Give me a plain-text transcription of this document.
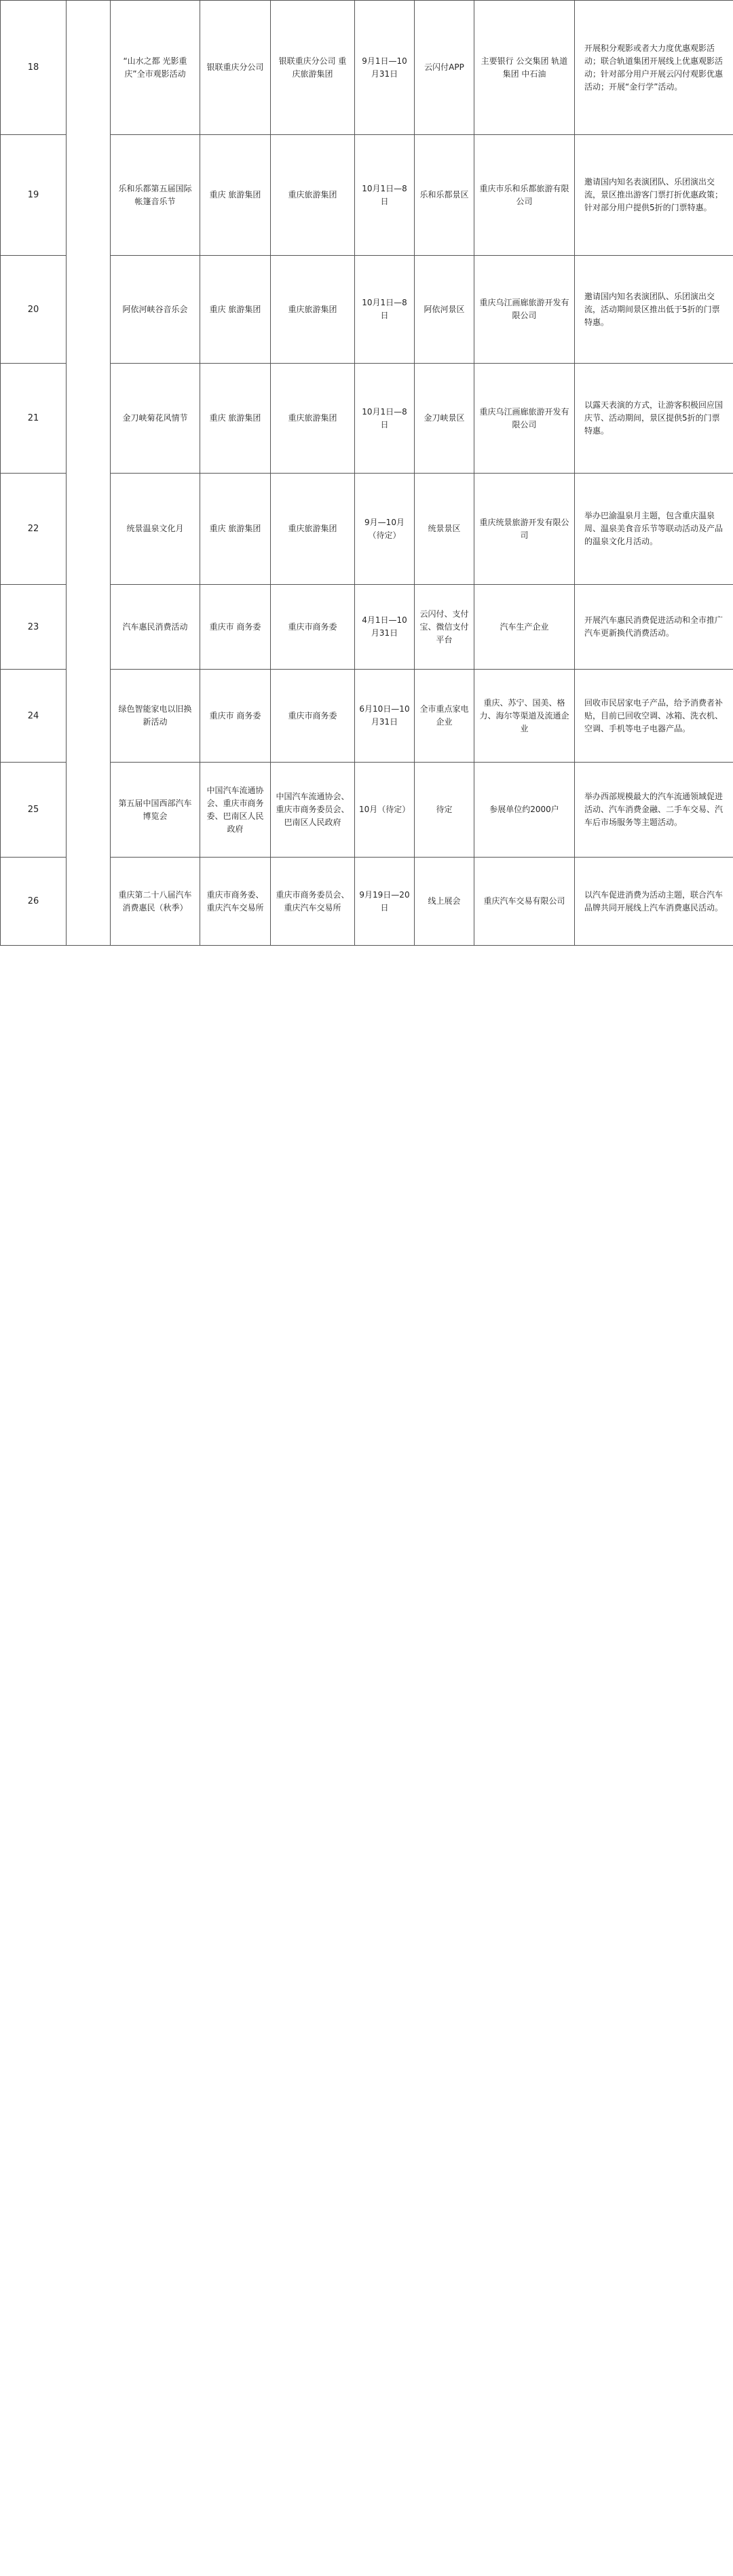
18		“山水之都 光影重庆”全市观影活动	银联重庆分公司	银联重庆分公司 重庆旅游集团	9月1日—10月31日	云闪付APP	主要银行 公交集团 轨道集团 中石油	开展积分观影或者大力度优惠观影活动；联合轨道集团开展线上优惠观影活动；针对部分用户开展云闪付观影优惠活动；开展“金行学”活动。
19		乐和乐都第五届国际帐篷音乐节	重庆 旅游集团	重庆旅游集团	10月1日—8日	乐和乐都景区	重庆市乐和乐都旅游有限公司	邀请国内知名表演团队、乐团演出交流，景区推出游客门票打折优惠政策；针对部分用户提供5折的门票特惠。
20		阿依河峡谷音乐会	重庆 旅游集团	重庆旅游集团	10月1日—8日	阿依河景区	重庆乌江画廊旅游开发有限公司	邀请国内知名表演团队、乐团演出交流，活动期间景区推出低于5折的门票特惠。
21		金刀峡菊花风情节	重庆 旅游集团	重庆旅游集团	10月1日—8日	金刀峡景区	重庆乌江画廊旅游开发有限公司	以露天表演的方式，让游客积极回应国庆节、活动期间，景区提供5折的门票特惠。
22		统景温泉文化月	重庆 旅游集团	重庆旅游集团	9月—10月（待定）	统景景区	重庆统景旅游开发有限公司	举办巴渝温泉月主题，包含重庆温泉周、温泉美食音乐节等联动活动及产品的温泉文化月活动。
23		汽车惠民消费活动	重庆市 商务委	重庆市商务委	4月1日—10月31日	云闪付、支付宝、微信支付平台	汽车生产企业	开展汽车惠民消费促进活动和全市推广汽车更新换代消费活动。
24		绿色智能家电以旧换新活动	重庆市 商务委	重庆市商务委	6月10日—10月31日	全市重点家电企业	重庆、苏宁、国美、格力、海尔等渠道及流通企业	回收市民居家电子产品，给予消费者补贴，目前已回收空调、冰箱、洗衣机、空调、手机等电子电器产品。
25		第五届中国西部汽车博览会	中国汽车流通协会、重庆市商务委、巴南区人民政府	中国汽车流通协会、重庆市商务委员会、巴南区人民政府	10月（待定）	待定	参展单位约2000户	举办西部规模最大的汽车流通领域促进活动、汽车消费金融、二手车交易、汽车后市场服务等主题活动。
26		重庆第二十八届汽车消费惠民（秋季）	重庆市商务委、重庆汽车交易所	重庆市商务委员会、重庆汽车交易所	9月19日—20日	线上展会	重庆汽车交易有限公司	以汽车促进消费为活动主题，联合汽车品牌共同开展线上汽车消费惠民活动。
